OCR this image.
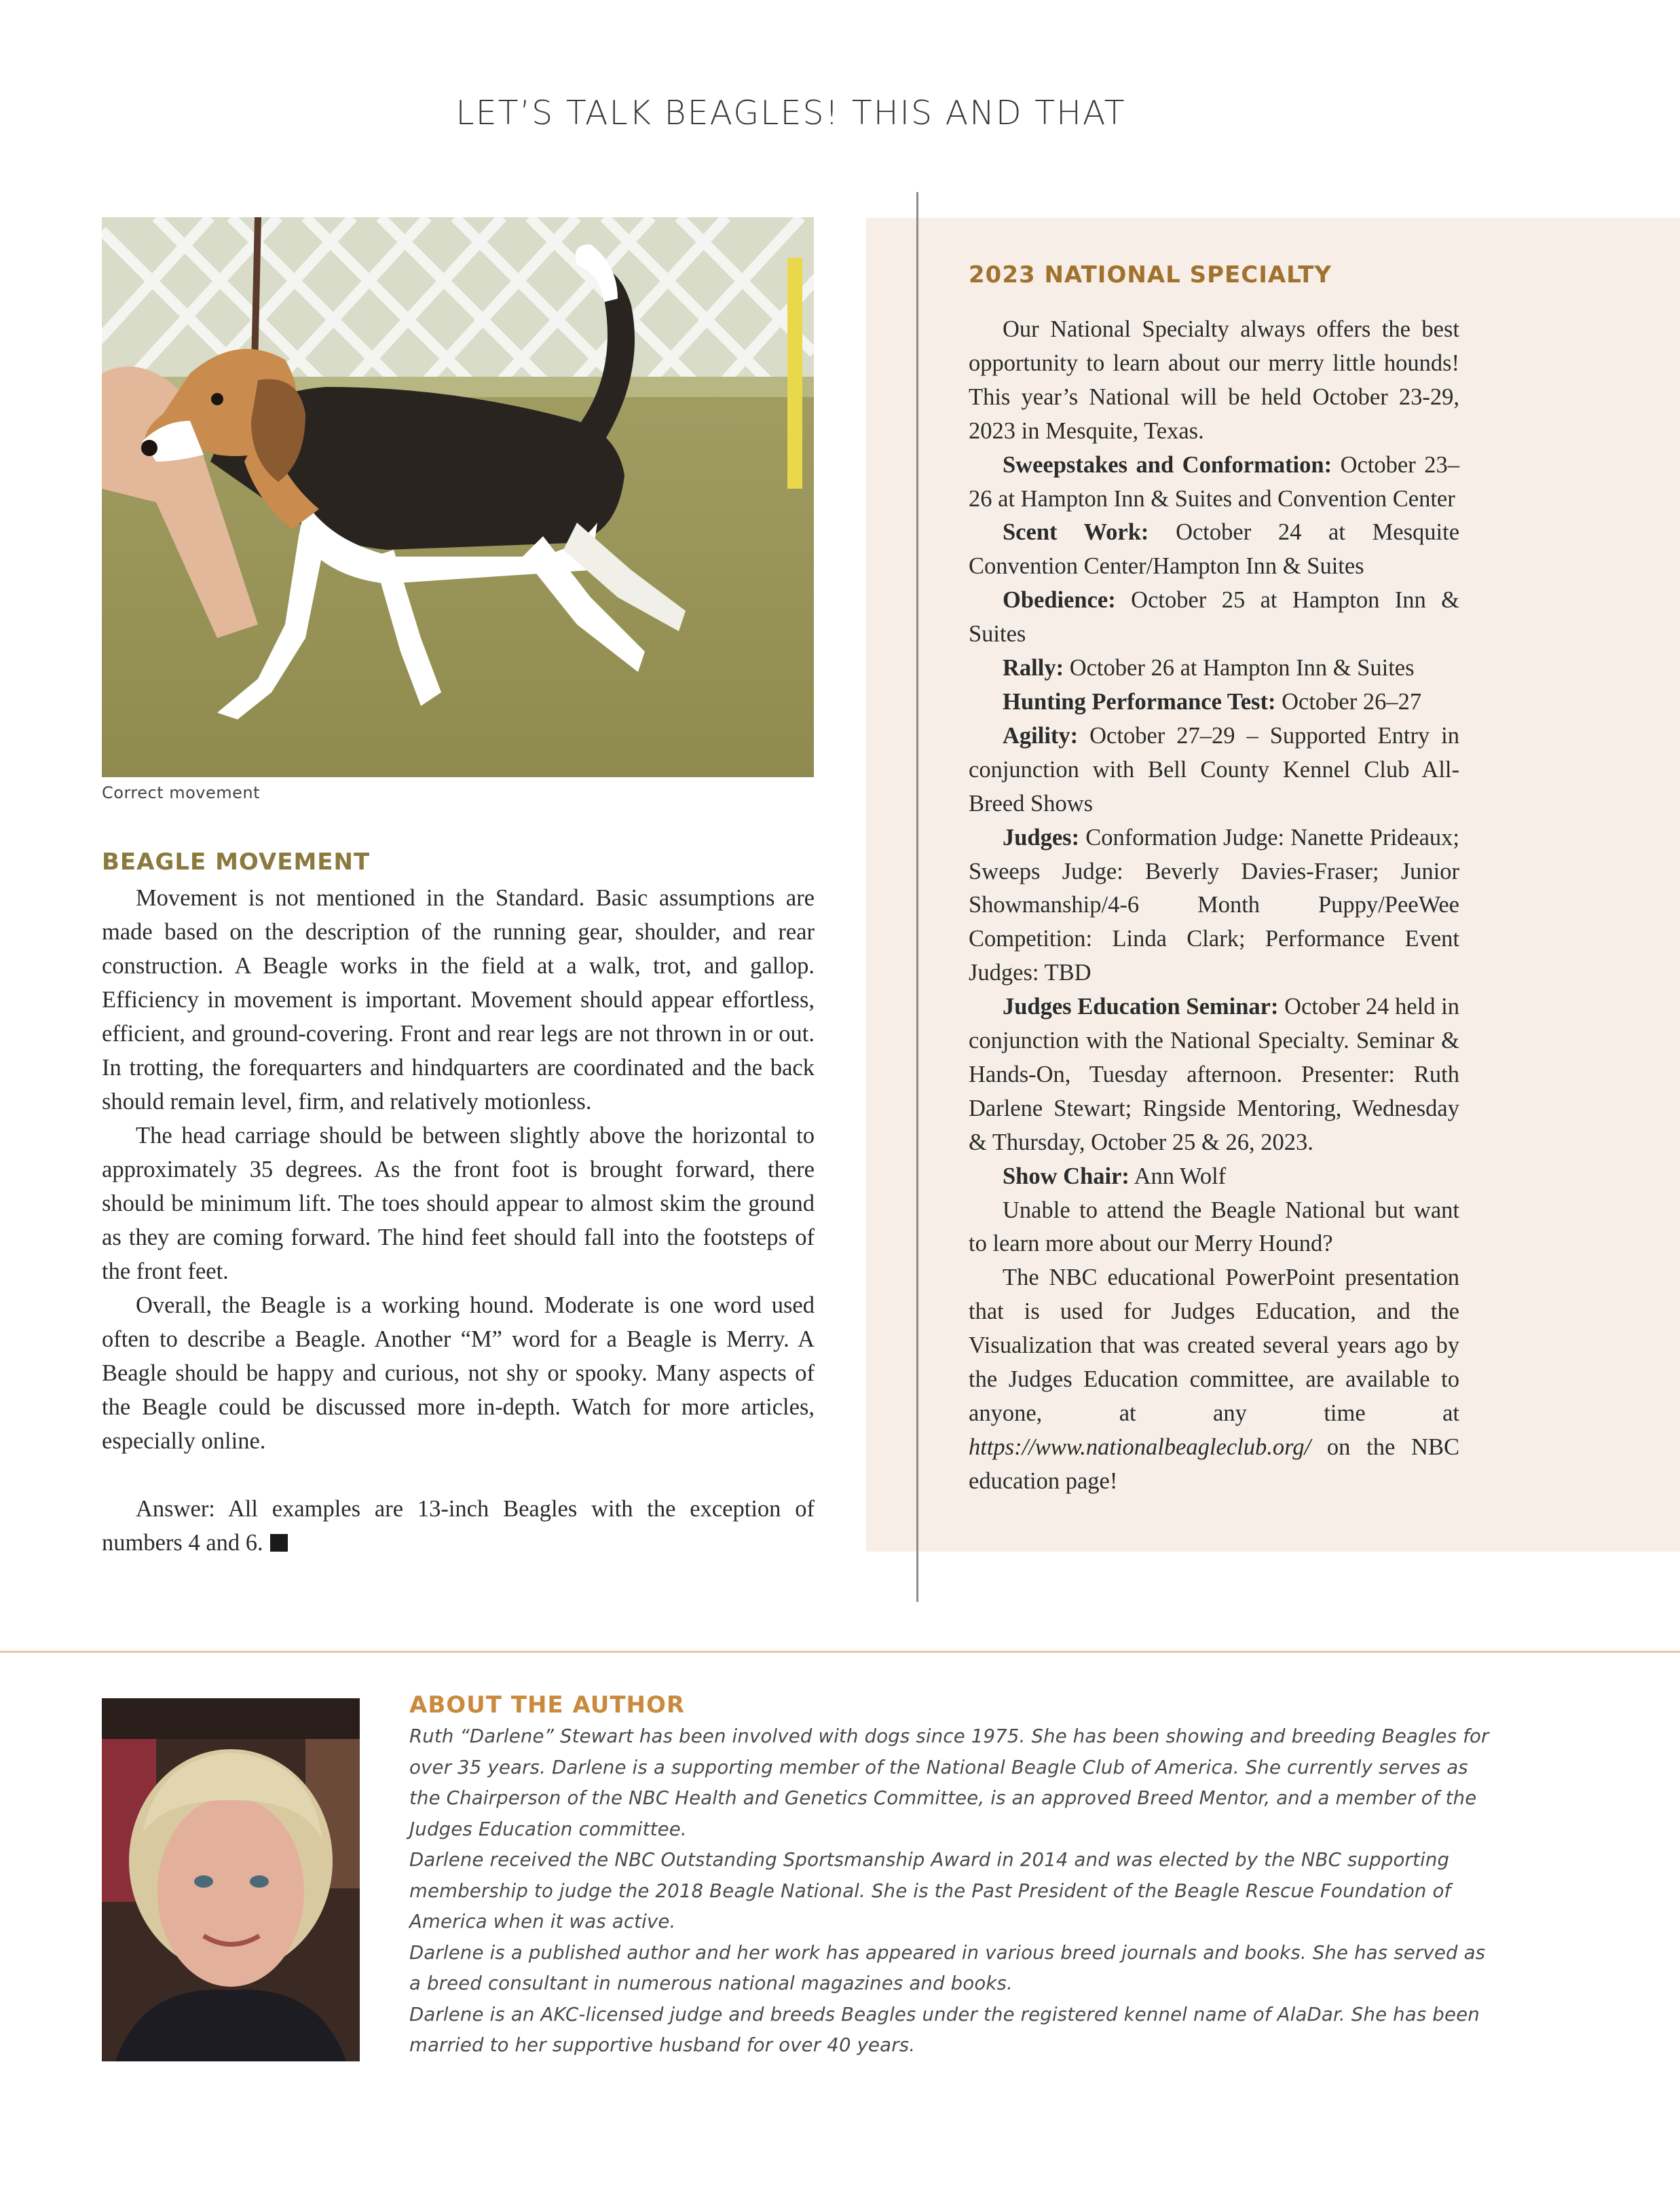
LET’S TALK BEAGLES! THIS AND THAT
Correct movement
BEAGLE MOVEMENT

Movement is not mentioned in the Standard. Basic assumptions are made based on the description of the running gear, shoulder, and rear construction. A Beagle works in the field at a walk, trot, and gallop. Efficiency in movement is important. Movement should appear effortless, efficient, and ground-covering. Front and rear legs are not thrown in or out. In trotting, the forequarters and hindquarters are coordinated and the back should remain level, firm, and relatively motionless.

The head carriage should be between slightly above the horizontal to approximately 35 degrees. As the front foot is brought forward, there should be minimum lift. The toes should appear to almost skim the ground as they are coming forward. The hind feet should fall into the footsteps of the front feet.

Overall, the Beagle is a working hound. Moderate is one word used often to describe a Beagle. Another “M” word for a Beagle is Merry. A Beagle should be happy and curious, not shy or spooky. Many aspects of the Beagle could be discussed more in-depth. Watch for more articles, especially online.

Answer: All examples are 13-inch Beagles with the exception of numbers 4 and 6.

2023 NATIONAL SPECIALTY

Our National Specialty always offers the best opportunity to learn about our merry little hounds! This year’s National will be held October 23-29, 2023 in Mesquite, Texas.

Sweepstakes and Conformation: October 23–26 at Hampton Inn & Suites and Convention Center

Scent Work: October 24 at Mesquite Convention Center/Hampton Inn & Suites

Obedience: October 25 at Hampton Inn & Suites

Rally: October 26 at Hampton Inn & Suites

Hunting Performance Test: October 26–27

Agility: October 27–29 – Supported Entry in conjunction with Bell County Kennel Club All-Breed Shows

Judges: Conformation Judge: Nanette Prideaux; Sweeps Judge: Beverly Davies-Fraser; Junior Showmanship/4-6 Month Puppy/PeeWee Competition: Linda Clark; Performance Event Judges: TBD

Judges Education Seminar: October 24 held in conjunction with the National Specialty. Seminar & Hands-On, Tuesday afternoon. Presenter: Ruth Darlene Stewart; Ringside Mentoring, Wednesday & Thursday, October 25 & 26, 2023.

Show Chair: Ann Wolf

Unable to attend the Beagle National but want to learn more about our Merry Hound?

The NBC educational PowerPoint presentation that is used for Judges Education, and the Visualization that was created several years ago by the Judges Education committee, are available to anyone, at any time at https://www.nationalbeagleclub.org/ on the NBC education page!

ABOUT THE AUTHOR

Ruth “Darlene” Stewart has been involved with dogs since 1975. She has been showing and breeding Beagles for over 35 years. Darlene is a supporting member of the National Beagle Club of America. She currently serves as the Chairperson of the NBC Health and Genetics Committee, is an approved Breed Mentor, and a member of the Judges Education committee.

Darlene received the NBC Outstanding Sportsmanship Award in 2014 and was elected by the NBC supporting membership to judge the 2018 Beagle National. She is the Past President of the Beagle Rescue Foundation of America when it was active.

Darlene is a published author and her work has appeared in various breed journals and books. She has served as a breed consultant in numerous national magazines and books.

Darlene is an AKC-licensed judge and breeds Beagles under the registered kennel name of AlaDar. She has been married to her supportive husband for over 40 years.
